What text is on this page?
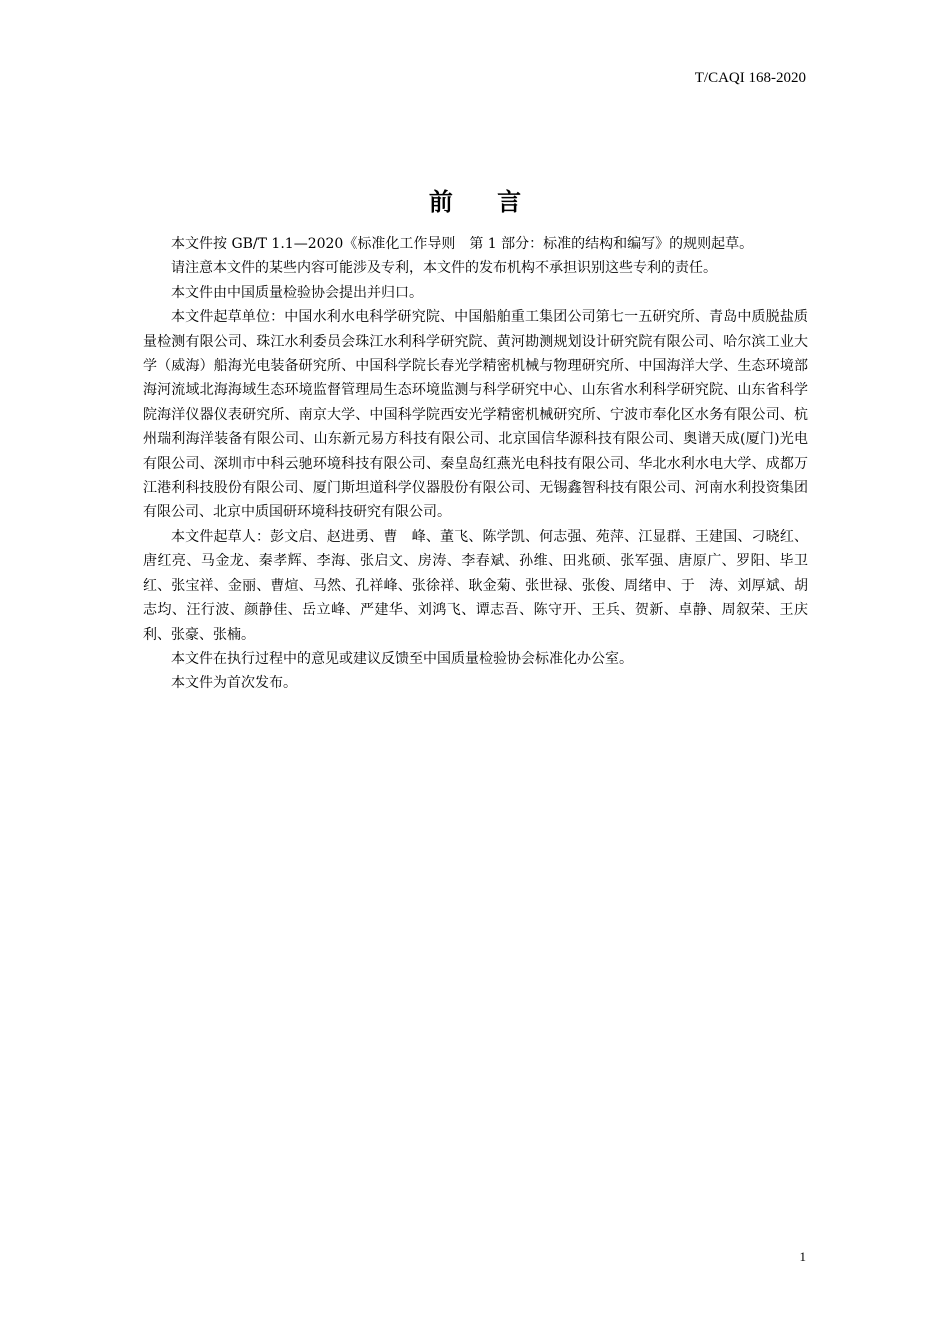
T/CAQI 168-2020
前 言

本文件按 GB/T 1.1—2020《标准化工作导则　第 1 部分：标准的结构和编写》的规则起草。

请注意本文件的某些内容可能涉及专利，本文件的发布机构不承担识别这些专利的责任。

本文件由中国质量检验协会提出并归口。

本文件起草单位：中国水利水电科学研究院、中国船舶重工集团公司第七一五研究所、青岛中质脱盐质量检测有限公司、珠江水利委员会珠江水利科学研究院、黄河勘测规划设计研究院有限公司、哈尔滨工业大学（威海）船海光电装备研究所、中国科学院长春光学精密机械与物理研究所、中国海洋大学、生态环境部海河流域北海海域生态环境监督管理局生态环境监测与科学研究中心、山东省水利科学研究院、山东省科学院海洋仪器仪表研究所、南京大学、中国科学院西安光学精密机械研究所、宁波市奉化区水务有限公司、杭州瑞利海洋装备有限公司、山东新元易方科技有限公司、北京国信华源科技有限公司、奥谱天成(厦门)光电有限公司、深圳市中科云驰环境科技有限公司、秦皇岛红燕光电科技有限公司、华北水利水电大学、成都万江港利科技股份有限公司、厦门斯坦道科学仪器股份有限公司、无锡鑫智科技有限公司、河南水利投资集团有限公司、北京中质国研环境科技研究有限公司。

本文件起草人：彭文启、赵进勇、曹　峰、董飞、陈学凯、何志强、苑萍、江显群、王建国、刁晓红、唐红亮、马金龙、秦孝辉、李海、张启文、房涛、李春斌、孙维、田兆硕、张军强、唐原广、罗阳、毕卫红、张宝祥、金丽、曹煊、马然、孔祥峰、张徐祥、耿金菊、张世禄、张俊、周绪申、于　涛、刘厚斌、胡志均、汪行波、颜静佳、岳立峰、严建华、刘鸿飞、谭志吾、陈守开、王兵、贺新、卓静、周叙荣、王庆利、张豪、张楠。

本文件在执行过程中的意见或建议反馈至中国质量检验协会标准化办公室。

本文件为首次发布。

1
